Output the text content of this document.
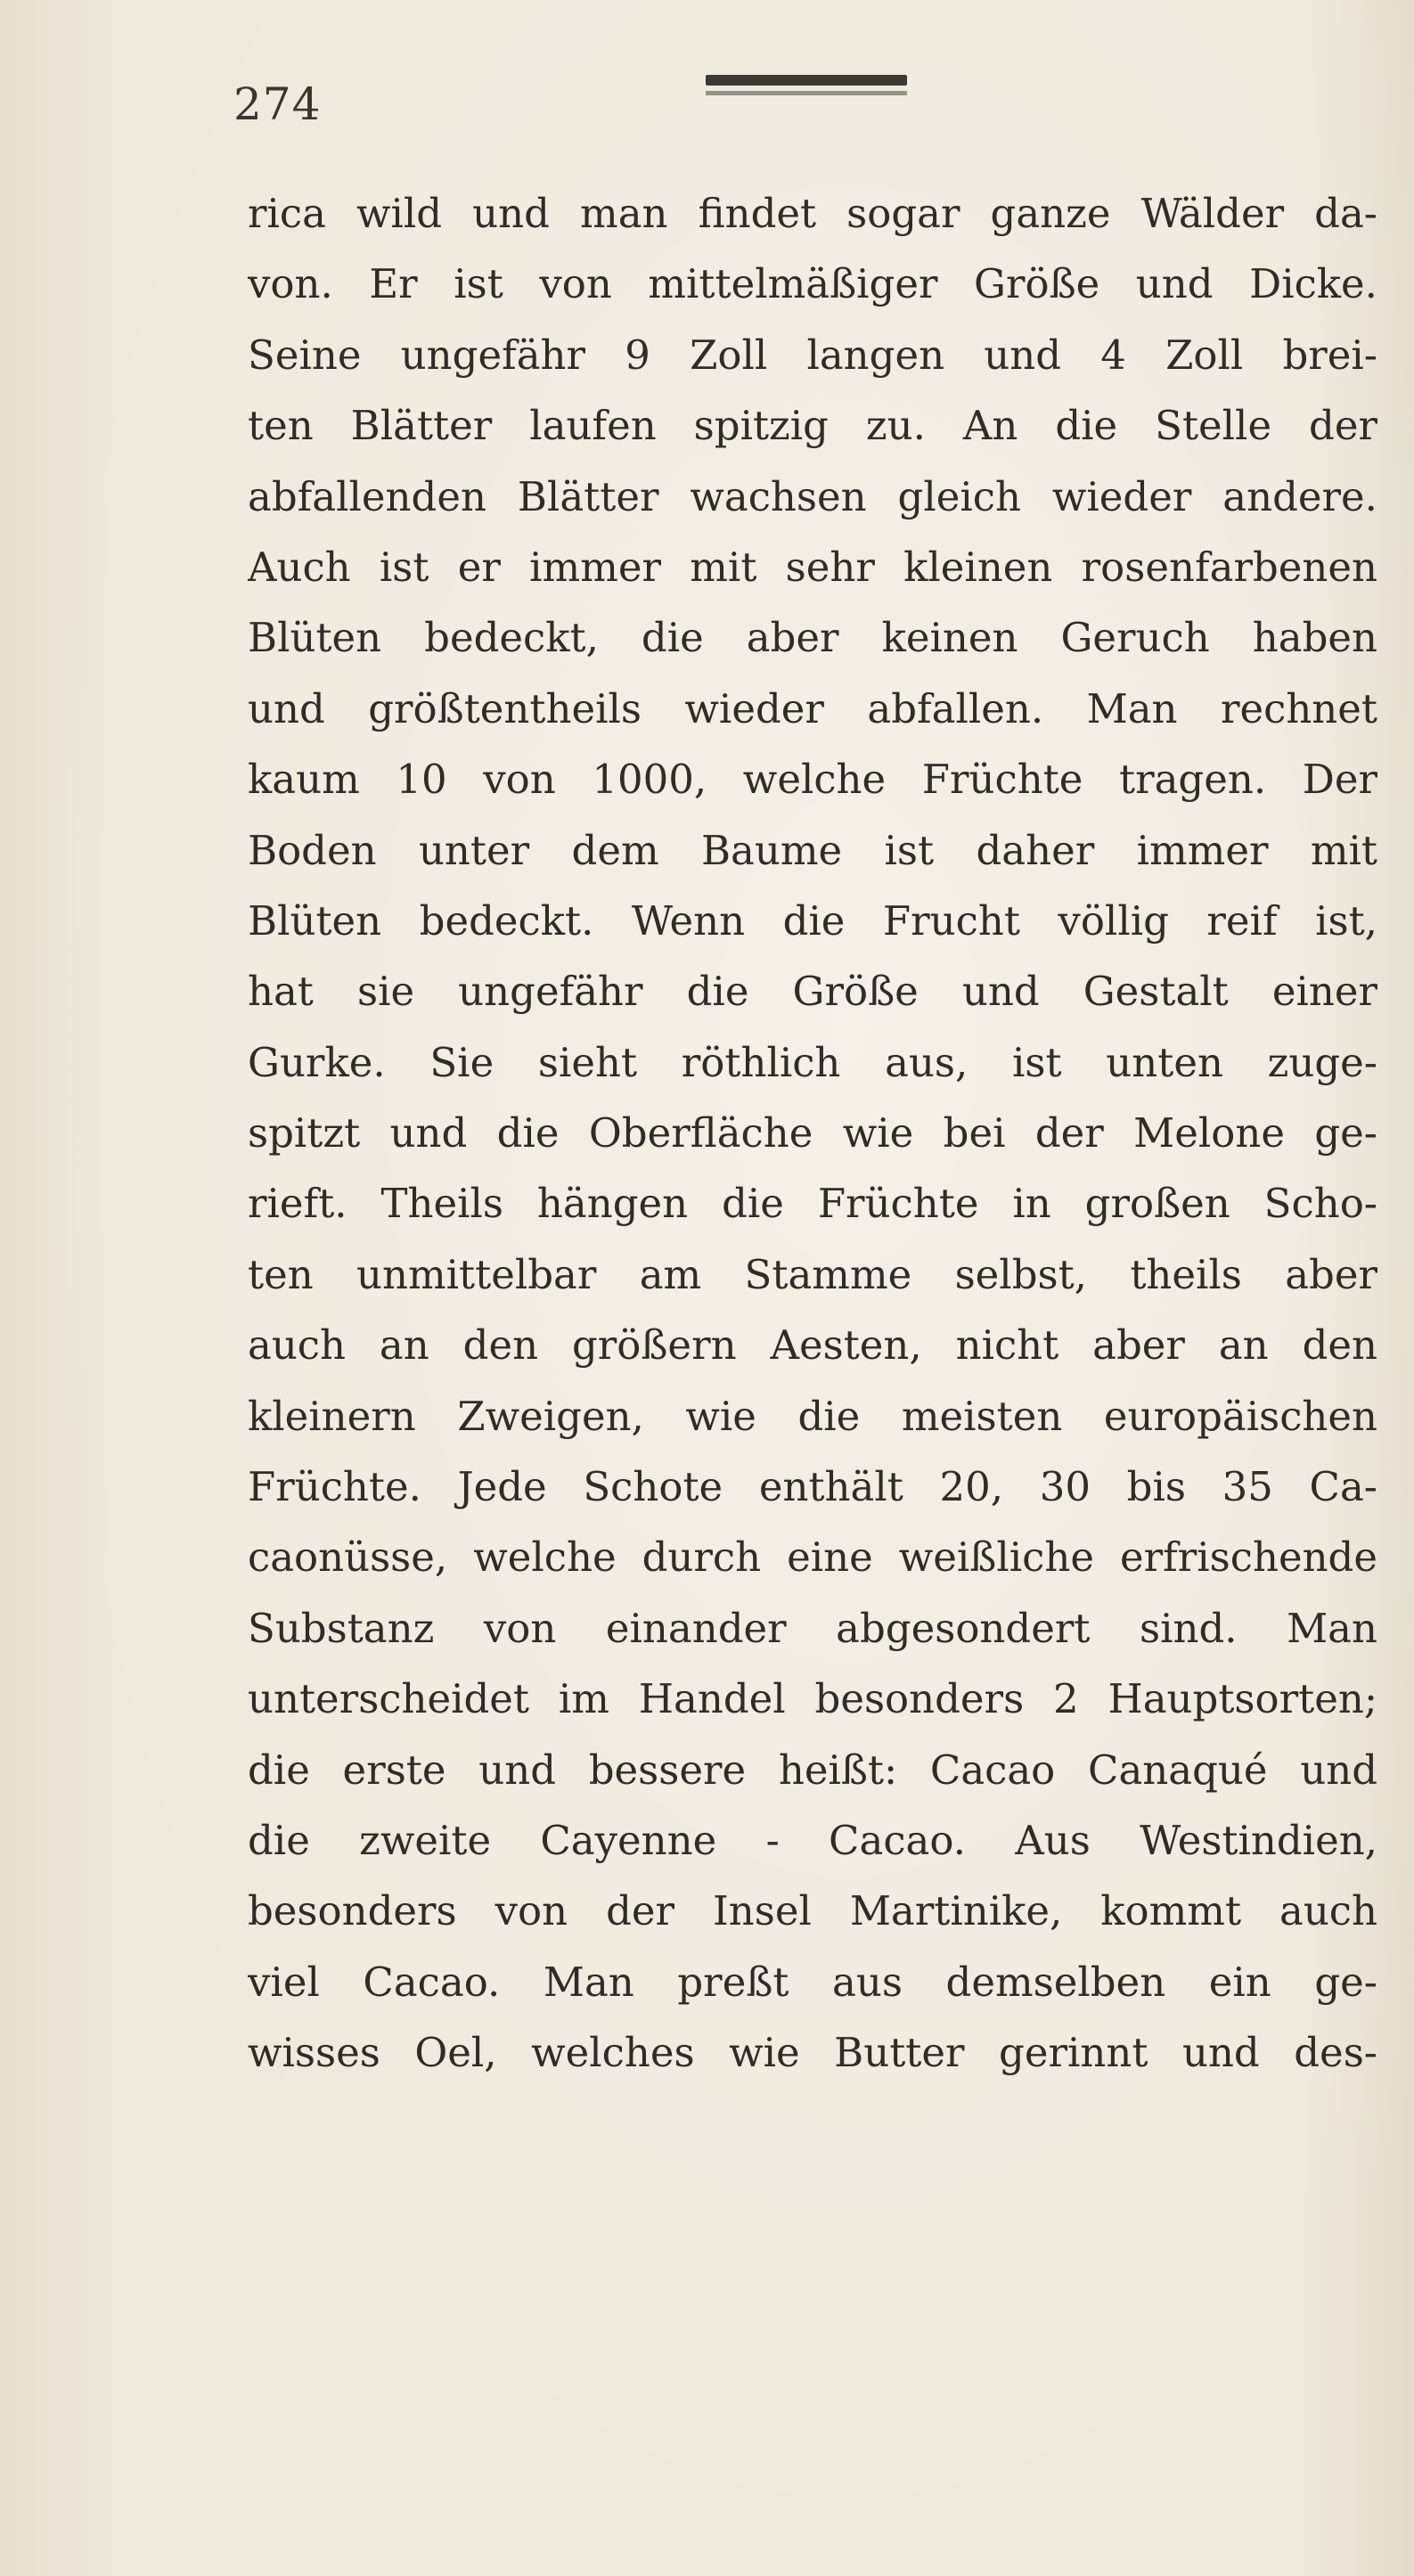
274
rica wild und man findet sogar ganze Wälder da-
von. Er ist von mittelmäßiger Größe und Dicke.
Seine ungefähr 9 Zoll langen und 4 Zoll brei-
ten Blätter laufen spitzig zu. An die Stelle der
abfallenden Blätter wachsen gleich wieder andere.
Auch ist er immer mit sehr kleinen rosenfarbenen
Blüten bedeckt, die aber keinen Geruch haben
und größtentheils wieder abfallen. Man rechnet
kaum 10 von 1000, welche Früchte tragen. Der
Boden unter dem Baume ist daher immer mit
Blüten bedeckt. Wenn die Frucht völlig reif ist,
hat sie ungefähr die Größe und Gestalt einer
Gurke. Sie sieht röthlich aus, ist unten zuge-
spitzt und die Oberfläche wie bei der Melone ge-
rieft. Theils hängen die Früchte in großen Scho-
ten unmittelbar am Stamme selbst, theils aber
auch an den größern Aesten, nicht aber an den
kleinern Zweigen, wie die meisten europäischen
Früchte. Jede Schote enthält 20, 30 bis 35 Ca-
caonüsse, welche durch eine weißliche erfrischende
Substanz von einander abgesondert sind. Man
unterscheidet im Handel besonders 2 Hauptsorten;
die erste und bessere heißt: Cacao Canaqué und
die zweite Cayenne - Cacao. Aus Westindien,
besonders von der Insel Martinike, kommt auch
viel Cacao. Man preßt aus demselben ein ge-
wisses Oel, welches wie Butter gerinnt und des-
